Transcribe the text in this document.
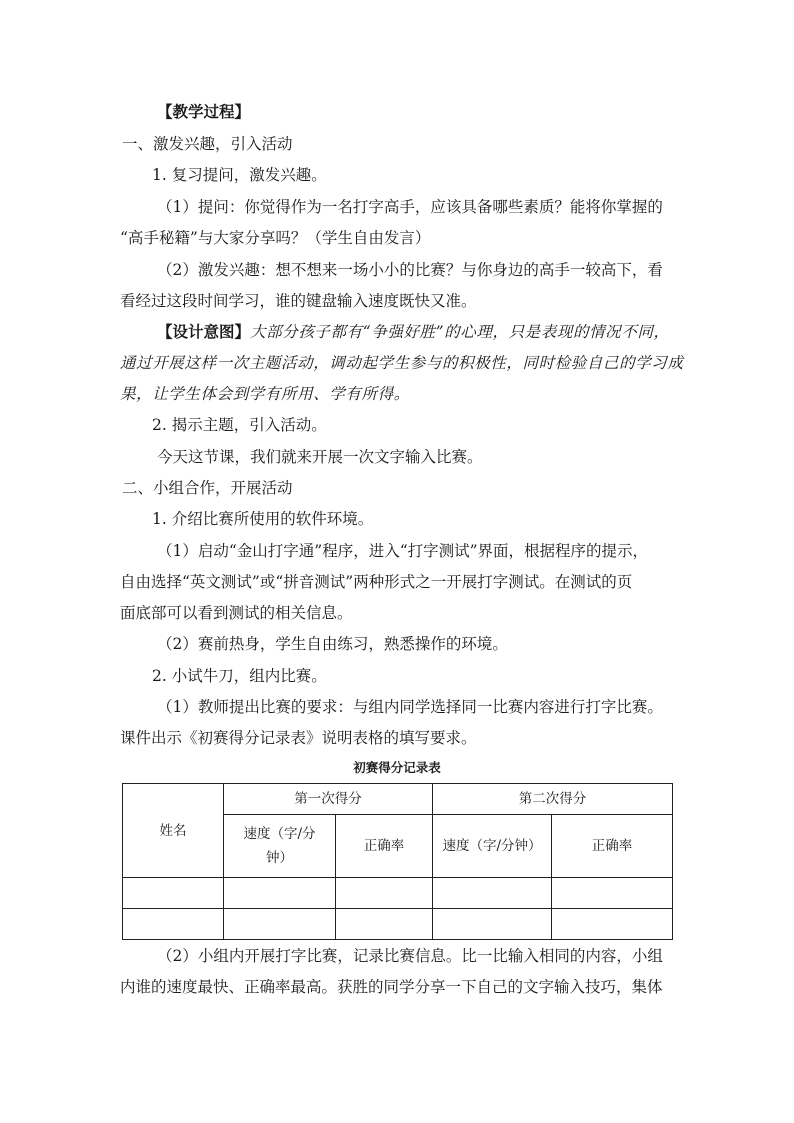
【教学过程】
一、激发兴趣，引入活动
1. 复习提问，激发兴趣。
（1）提问：你觉得作为一名打字高手，应该具备哪些素质？能将你掌握的
“高手秘籍”与大家分享吗？（学生自由发言）
（2）激发兴趣：想不想来一场小小的比赛？与你身边的高手一较高下，看
看经过这段时间学习，谁的键盘输入速度既快又准。
【设计意图】大部分孩子都有“争强好胜”的心理，只是表现的情况不同，
通过开展这样一次主题活动，调动起学生参与的积极性，同时检验自己的学习成
果，让学生体会到学有所用、学有所得。
2. 揭示主题，引入活动。
今天这节课，我们就来开展一次文字输入比赛。
二、小组合作，开展活动
1. 介绍比赛所使用的软件环境。
（1）启动“金山打字通”程序，进入“打字测试”界面，根据程序的提示，
自由选择“英文测试”或“拼音测试”两种形式之一开展打字测试。在测试的页
面底部可以看到测试的相关信息。
（2）赛前热身，学生自由练习，熟悉操作的环境。
2. 小试牛刀，组内比赛。
（1）教师提出比赛的要求：与组内同学选择同一比赛内容进行打字比赛。
课件出示《初赛得分记录表》说明表格的填写要求。
初赛得分记录表
姓名	第一次得分		第二次得分	

	速度（字/分
钟）	正确率	速度（字/分钟）	正确率

（2）小组内开展打字比赛，记录比赛信息。比一比输入相同的内容，小组
内谁的速度最快、正确率最高。获胜的同学分享一下自己的文字输入技巧，集体
